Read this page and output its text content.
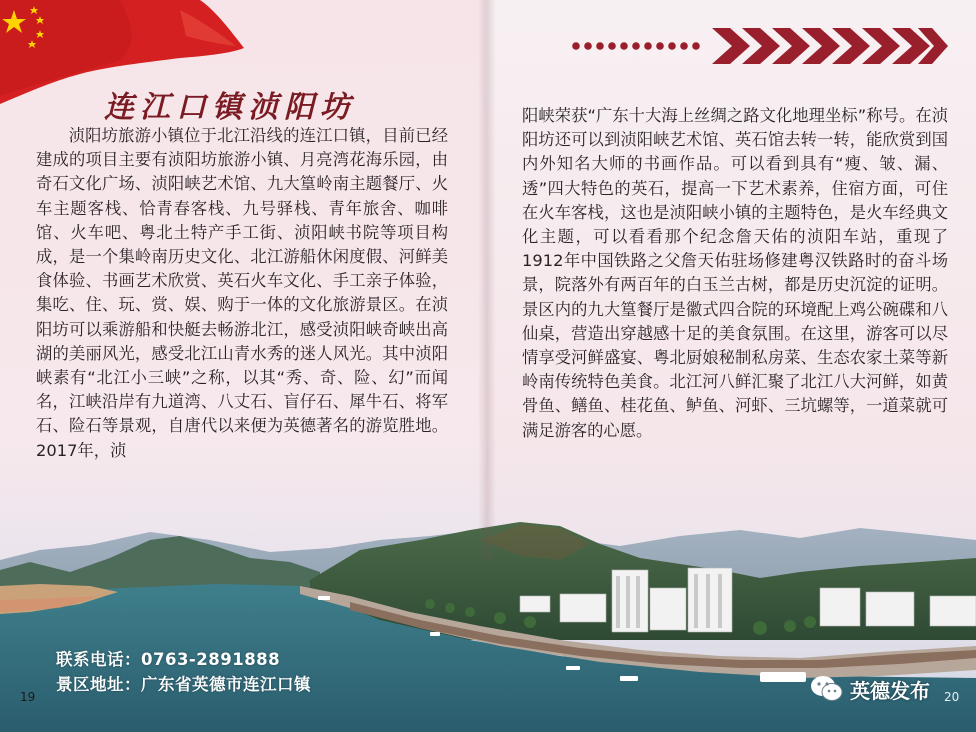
连江口镇浈阳坊
浈阳坊旅游小镇位于北江沿线的连江口镇，目前已经建成的项目主要有浈阳坊旅游小镇、月亮湾花海乐园，由奇石文化广场、浈阳峡艺术馆、九大篁岭南主题餐厅、火车主题客栈、恰青春客栈、九号驿栈、青年旅舍、咖啡馆、火车吧、粤北土特产手工街、浈阳峡书院等项目构成，是一个集岭南历史文化、北江游船休闲度假、河鲜美食体验、书画艺术欣赏、英石火车文化、手工亲子体验，集吃、住、玩、赏、娱、购于一体的文化旅游景区。在浈阳坊可以乘游船和快艇去畅游北江，感受浈阳峡奇峡出高湖的美丽风光，感受北江山青水秀的迷人风光。其中浈阳峡素有“北江小三峡”之称，以其“秀、奇、险、幻”而闻名，江峡沿岸有九道湾、八丈石、盲仔石、犀牛石、将军石、险石等景观，自唐代以来便为英德著名的游览胜地。2017年，浈
阳峡荣获“广东十大海上丝绸之路文化地理坐标”称号。在浈阳坊还可以到浈阳峡艺术馆、英石馆去转一转，能欣赏到国内外知名大师的书画作品。可以看到具有“瘦、皱、漏、透”四大特色的英石，提高一下艺术素养，住宿方面，可住在火车客栈，这也是浈阳峡小镇的主题特色，是火车经典文化主题，可以看看那个纪念詹天佑的浈阳车站，重现了1912年中国铁路之父詹天佑驻场修建粤汉铁路时的奋斗场景，院落外有两百年的白玉兰古树，都是历史沉淀的证明。景区内的九大篁餐厅是徽式四合院的环境配上鸡公碗碟和八仙桌，营造出穿越感十足的美食氛围。在这里，游客可以尽情享受河鲜盛宴、粤北厨娘秘制私房菜、生态农家土菜等新岭南传统特色美食。北江河八鲜汇聚了北江八大河鲜，如黄骨鱼、鳝鱼、桂花鱼、鲈鱼、河虾、三坑螺等，一道菜就可满足游客的心愿。
联系电话：0763-2891888
景区地址：广东省英德市连江口镇
19	20
英德发布
